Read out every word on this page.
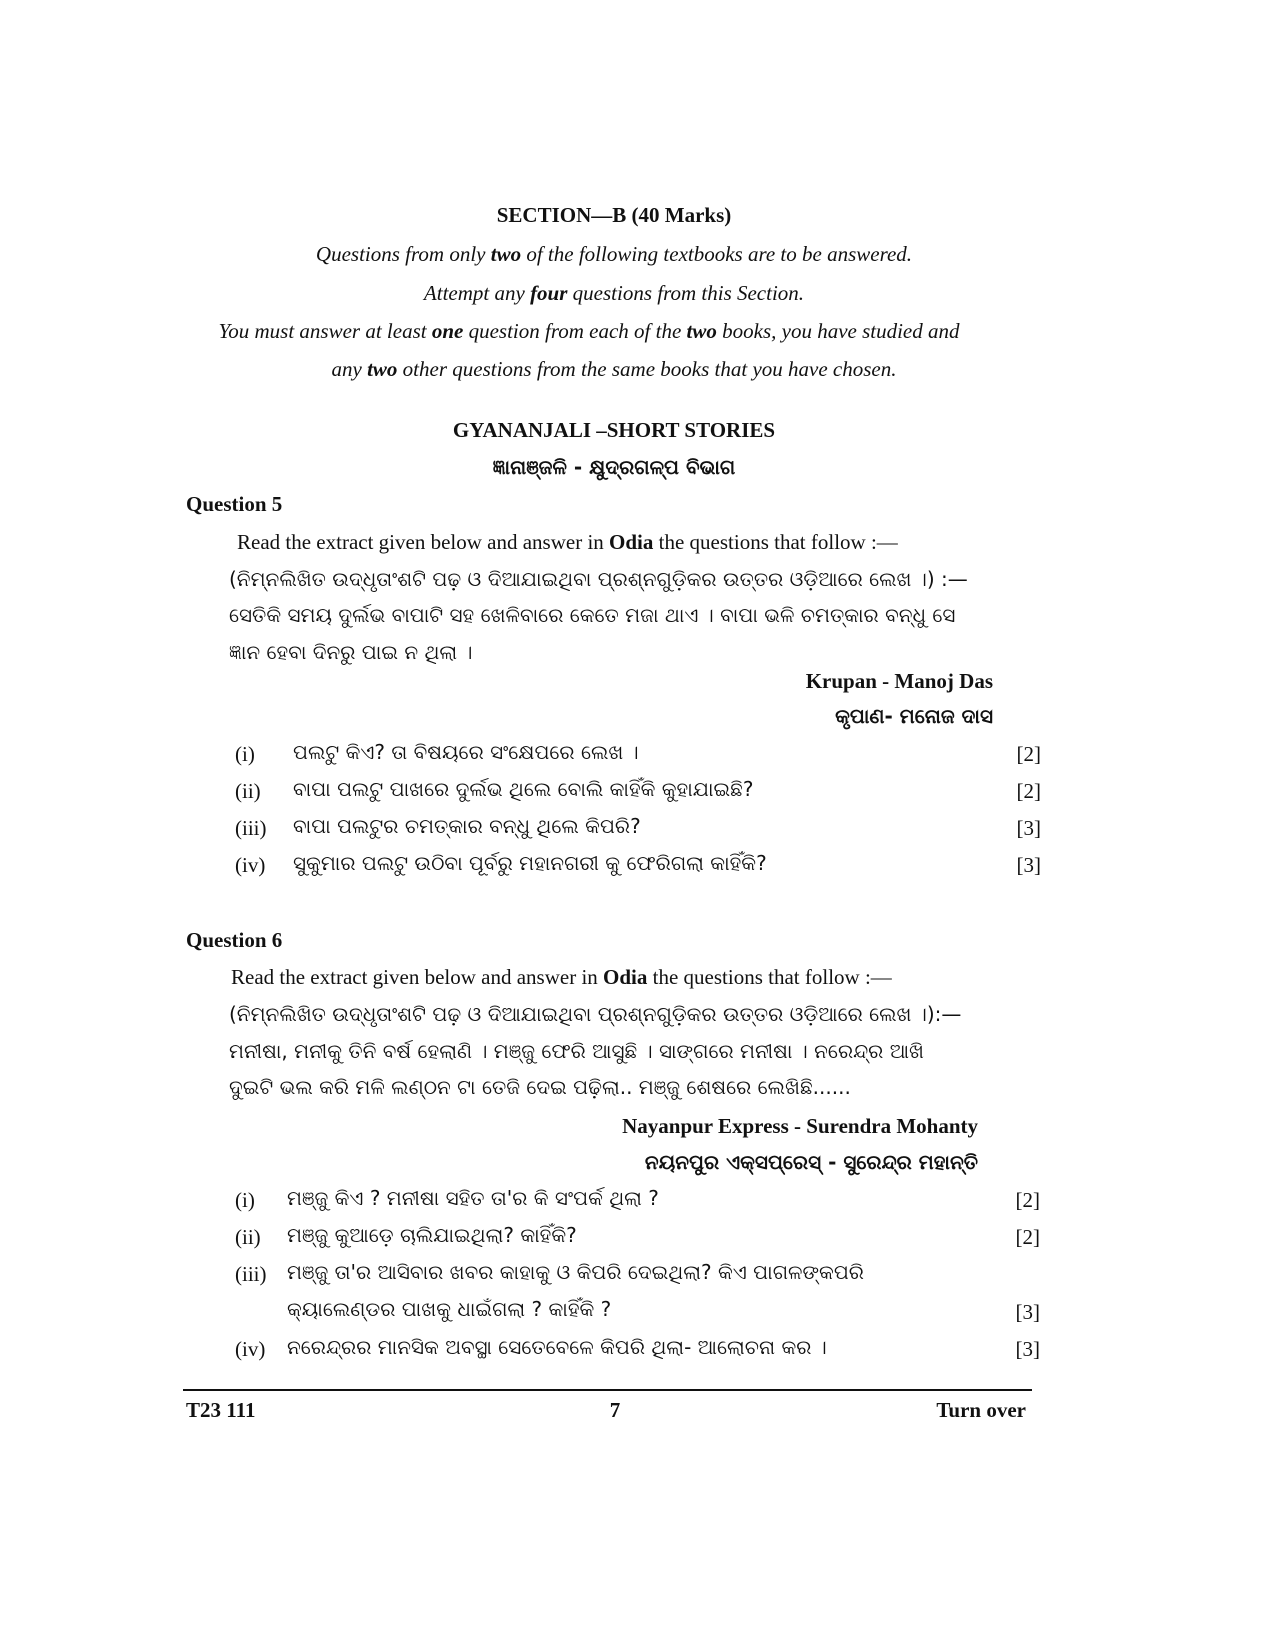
SECTION—B (40 Marks)
Questions from only two of the following textbooks are to be answered.
Attempt any four questions from this Section.
You must answer at least one question from each of the two books, you have studied and
any two other questions from the same books that you have chosen.
GYANANJALI –SHORT STORIES
ଜ୍ଞାନାଞ୍ଜଳି - କ୍ଷୁଦ୍ରଗଳ୍ପ ବିଭାଗ
Question 5
Read the extract given below and answer in Odia the questions that follow :—
(ନିମ୍ନଲିଖିତ ଉଦ୍ଧୃତାଂଶଟି ପଢ଼ ଓ ଦିଆଯାଇଥିବା ପ୍ରଶ୍ନଗୁଡ଼ିକର ଉତ୍ତର ଓଡ଼ିଆରେ ଲେଖ ।) :—
ସେତିକି ସମୟ ଦୁର୍ଲଭ ବାପାଟି ସହ ଖେଳିବାରେ କେତେ ମଜା ଥାଏ । ବାପା ଭଳି ଚମତ୍କାର ବନ୍ଧୁ ସେ
ଜ୍ଞାନ ହେବା ଦିନରୁ ପାଇ ନ ଥିଲା ।
Krupan - Manoj Das
କୃପାଣ- ମନୋଜ ଦାସ
(i) ପଲଟୁ କିଏ? ତା ବିଷୟରେ ସଂକ୍ଷେପରେ ଲେଖ ।	[2]
(ii) ବାପା ପଲଟୁ ପାଖରେ ଦୁର୍ଲଭ ଥିଲେ ବୋଲି କାହିଁକି କୁହାଯାଇଛି?	[2]
(iii) ବାପା ପଲଟୁର ଚମତ୍କାର ବନ୍ଧୁ ଥିଲେ କିପରି?	[3]
(iv) ସୁକୁମାର ପଲଟୁ ଉଠିବା ପୂର୍ବରୁ ମହାନଗରୀ କୁ ଫେରିଗଲା କାହିଁକି?	[3]
Question 6
Read the extract given below and answer in Odia the questions that follow :—
(ନିମ୍ନଲିଖିତ ଉଦ୍ଧୃତାଂଶଟି ପଢ଼ ଓ ଦିଆଯାଇଥିବା ପ୍ରଶ୍ନଗୁଡ଼ିକର ଉତ୍ତର ଓଡ଼ିଆରେ ଲେଖ ।):—
ମନୀଷା, ମନୀକୁ ତିନି ବର୍ଷ ହେଲାଣି । ମଞ୍ଜୁ ଫେରି ଆସୁଛି । ସାଙ୍ଗରେ ମନୀଷା । ନରେନ୍ଦ୍ର ଆଖି
ଦୁଇଟି ଭଲ କରି ମଳି ଲଣ୍ଠନ ଟା ତେଜି ଦେଇ ପଢ଼ିଲା.. ମଞ୍ଜୁ ଶେଷରେ ଲେଖିଛି......
Nayanpur Express - Surendra Mohanty
ନୟନପୁର ଏକ୍ସପ୍ରେସ୍ - ସୁରେନ୍ଦ୍ର ମହାନ୍ତି
(i) ମଞ୍ଜୁ କିଏ ? ମନୀଷା ସହିତ ତା'ର କି ସଂପର୍କ ଥିଲା ?	[2]
(ii) ମଞ୍ଜୁ କୁଆଡ଼େ ଚାଲିଯାଇଥିଲା? କାହିଁକି?	[2]
(iii) ମଞ୍ଜୁ ତା'ର ଆସିବାର ଖବର କାହାକୁ ଓ କିପରି ଦେଇଥିଲା? କିଏ ପାଗଳଙ୍କପରି
କ୍ୟାଲେଣ୍ଡର ପାଖକୁ ଧାଇଁଗଲା ? କାହିଁକି ?	[3]
(iv) ନରେନ୍ଦ୍ରର ମାନସିକ ଅବସ୍ଥା ସେତେବେଳେ କିପରି ଥିଲା- ଆଲୋଚନା କର ।	[3]
T23 111	7	Turn over
